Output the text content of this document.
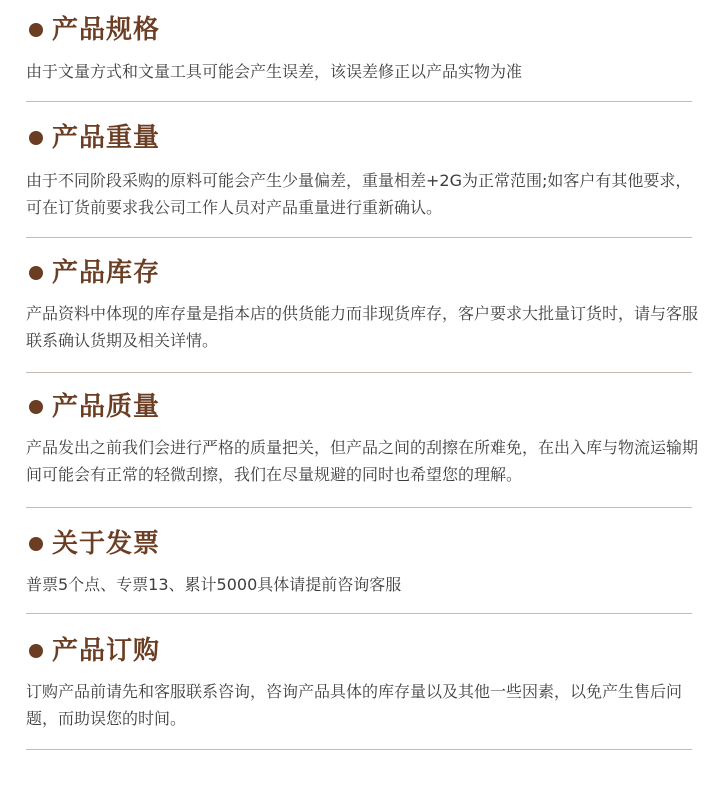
产品规格
由于文量方式和文量工具可能会产生误差，该误差修正以产品实物为准
产品重量
由于不同阶段采购的原料可能会产生少量偏差，重量相差+2G为正常范围;如客户有其他要求，可在订货前要求我公司工作人员对产品重量进行重新确认。
产品库存
产品资料中体现的库存量是指本店的供货能力而非现货库存，客户要求大批量订货时，请与客服联系确认货期及相关详情。
产品质量
产品发出之前我们会进行严格的质量把关，但产品之间的刮擦在所难免，在出入库与物流运输期间可能会有正常的轻微刮擦，我们在尽量规避的同时也希望您的理解。
关于发票
普票5个点、专票13、累计5000具体请提前咨询客服
产品订购
订购产品前请先和客服联系咨询，咨询产品具体的库存量以及其他一些因素，以免产生售后问题，而助误您的时间。
